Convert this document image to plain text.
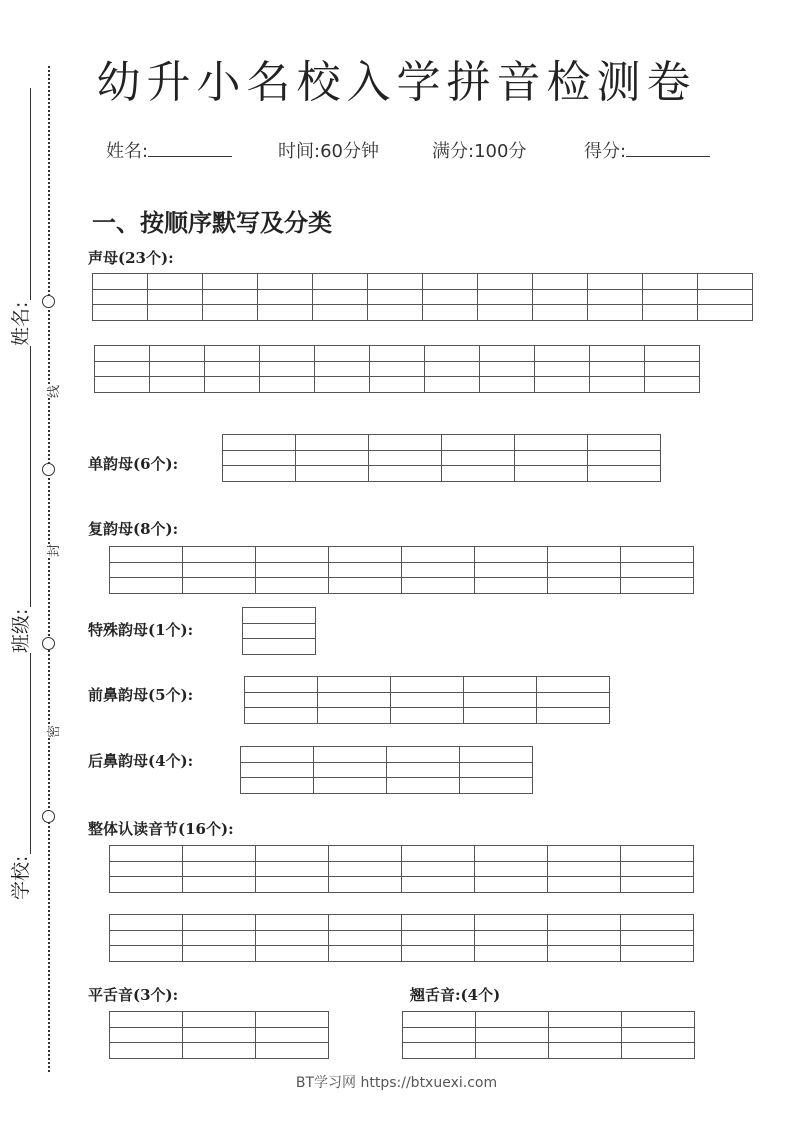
线
封
密
姓名:
班级:
学校:
幼升小名校入学拼音检测卷
姓名:	时间:60分钟	满分:100分	得分:
一、按顺序默写及分类
声母(23个):
单韵母(6个):
复韵母(8个):
特殊韵母(1个):
前鼻韵母(5个):
后鼻韵母(4个):
整体认读音节(16个):
平舌音(3个):	翘舌音:(4个)
BT学习网 https://btxuexi.com
